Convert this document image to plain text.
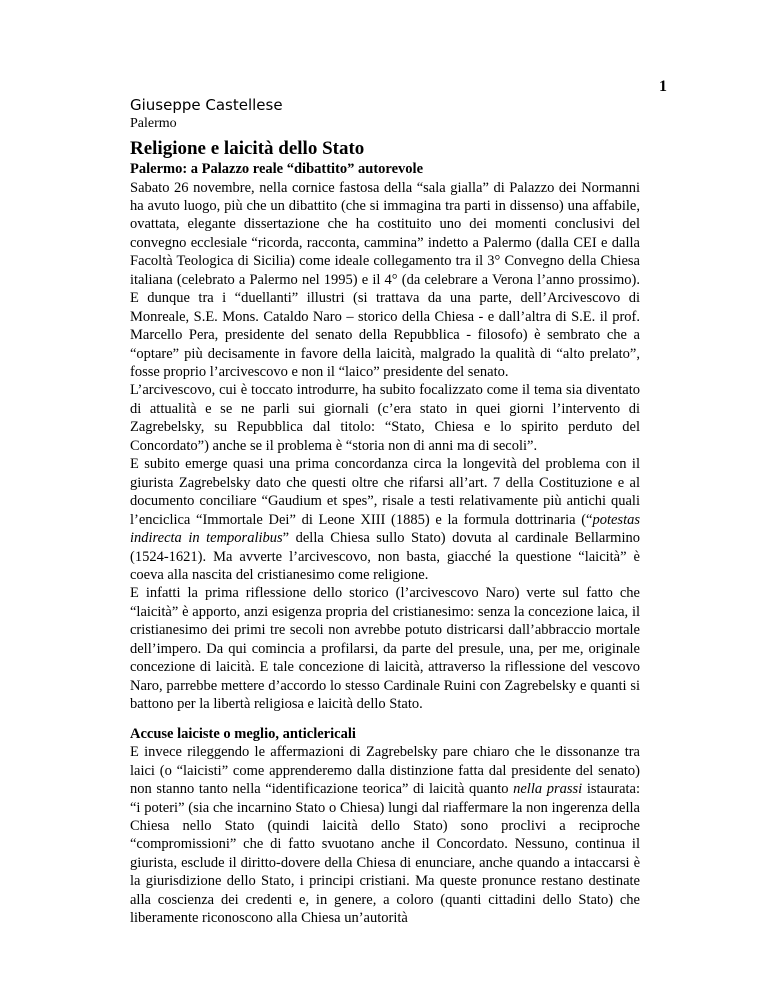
1
Giuseppe Castellese
Palermo
Religione e laicità dello Stato
Palermo: a Palazzo reale “dibattito” autorevole

Sabato 26 novembre, nella cornice fastosa della “sala gialla” di Palazzo dei Normanni ha avuto luogo, più che un dibattito (che si immagina tra parti in dissenso) una affabile, ovattata, elegante dissertazione che ha costituito uno dei momenti conclusivi del convegno ecclesiale “ricorda, racconta, cammina” indetto a Palermo (dalla CEI e dalla Facoltà Teologica di Sicilia) come ideale collegamento tra il 3° Convegno della Chiesa italiana (celebrato a Palermo nel 1995) e il 4° (da celebrare a Verona l’anno prossimo). E dunque tra i “duellanti” illustri (si trattava da una parte, dell’Arcivescovo di Monreale, S.E. Mons. Cataldo Naro – storico della Chiesa - e dall’altra di S.E. il prof. Marcello Pera, presidente del senato della Repubblica - filosofo) è sembrato che a “optare” più decisamente in favore della laicità, malgrado la qualità di “alto prelato”, fosse proprio l’arcivescovo e non il “laico” presidente del senato.

L’arcivescovo, cui è toccato introdurre, ha subito focalizzato come il tema sia diventato di attualità e se ne parli sui giornali (c’era stato in quei giorni l’intervento di Zagrebelsky, su Repubblica dal titolo: “Stato, Chiesa e lo spirito perduto del Concordato”) anche se il problema è “storia non di anni ma di secoli”.

E subito emerge quasi una prima concordanza circa la longevità del problema con il giurista Zagrebelsky dato che questi oltre che rifarsi all’art. 7 della Costituzione e al documento conciliare “Gaudium et spes”, risale a testi relativamente più antichi quali l’enciclica “Immortale Dei” di Leone XIII (1885) e la formula dottrinaria (“potestas indirecta in temporalibus” della Chiesa sullo Stato) dovuta al cardinale Bellarmino (1524-1621). Ma avverte l’arcivescovo, non basta, giacché la questione “laicità” è coeva alla nascita del cristianesimo come religione.

E infatti la prima riflessione dello storico (l’arcivescovo Naro) verte sul fatto che “laicità” è apporto, anzi esigenza propria del cristianesimo: senza la concezione laica, il cristianesimo dei primi tre secoli non avrebbe potuto districarsi dall’abbraccio mortale dell’impero. Da qui comincia a profilarsi, da parte del presule, una, per me, originale concezione di laicità. E tale concezione di laicità, attraverso la riflessione del vescovo Naro, parrebbe mettere d’accordo lo stesso Cardinale Ruini con Zagrebelsky e quanti si battono per la libertà religiosa e laicità dello Stato.

Accuse laiciste o meglio, anticlericali

E invece rileggendo le affermazioni di Zagrebelsky pare chiaro che le dissonanze tra laici (o “laicisti” come apprenderemo dalla distinzione fatta dal presidente del senato) non stanno tanto nella “identificazione teorica” di laicità quanto nella prassi istaurata: “i poteri” (sia che incarnino Stato o Chiesa) lungi dal riaffermare la non ingerenza della Chiesa nello Stato (quindi laicità dello Stato) sono proclivi a reciproche “compromissioni” che di fatto svuotano anche il Concordato. Nessuno, continua il giurista, esclude il diritto-dovere della Chiesa di enunciare, anche quando a intaccarsi è la giurisdizione dello Stato, i principi cristiani. Ma queste pronunce restano destinate alla coscienza dei credenti e, in genere, a coloro (quanti cittadini dello Stato) che liberamente riconoscono alla Chiesa un’autorità
